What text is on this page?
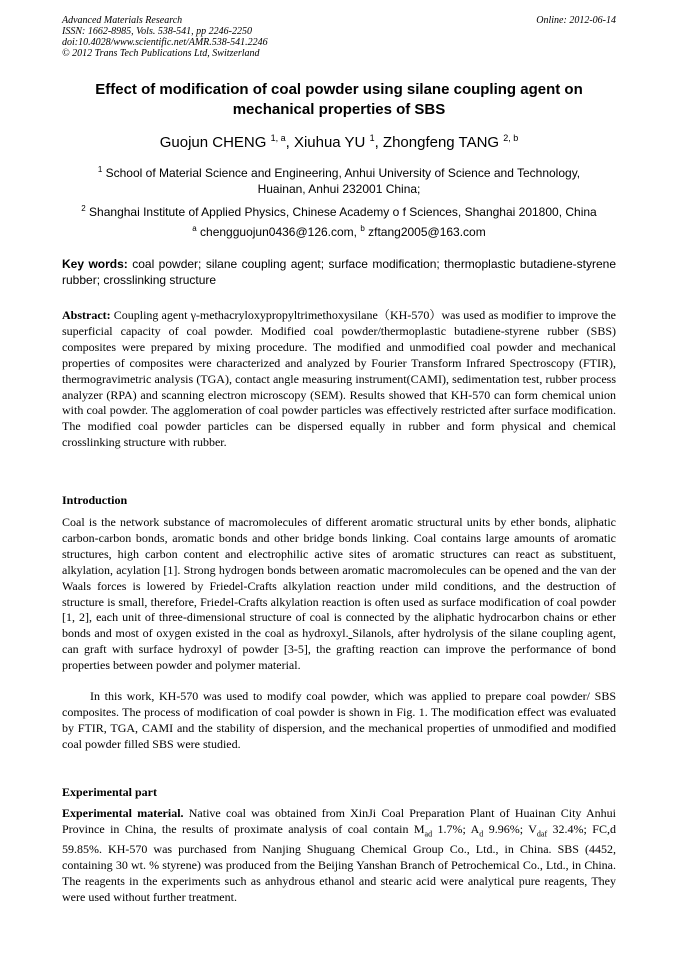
Advanced Materials Research
ISSN: 1662-8985, Vols. 538-541, pp 2246-2250
doi:10.4028/www.scientific.net/AMR.538-541.2246
© 2012 Trans Tech Publications Ltd, Switzerland
Online: 2012-06-14
Effect of modification of coal powder using silane coupling agent on
mechanical properties of SBS
Guojun CHENG $^{1, a}$, Xiuhua YU $^1$, Zhongfeng TANG $^{2, b}$
$^1$ School of Material Science and Engineering, Anhui University of Science and Technology,
Huainan, Anhui 232001 China;
$^2$ Shanghai Institute of Applied Physics, Chinese Academy o f Sciences, Shanghai 201800, China
$^a$ chengguojun0436@126.com, $^b$ zftang2005@163.com
Key words: coal powder; silane coupling agent; surface modification; thermoplastic butadiene-styrene rubber; crosslinking structure
Abstract: Coupling agent γ-methacryloxypropyltrimethoxysilane（KH-570）was used as modifier to improve the superficial capacity of coal powder. Modified coal powder/thermoplastic butadiene-styrene rubber (SBS) composites were prepared by mixing procedure. The modified and unmodified coal powder and mechanical properties of composites were characterized and analyzed by Fourier Transform Infrared Spectroscopy (FTIR), thermogravimetric analysis (TGA), contact angle measuring instrument(CAMI), sedimentation test, rubber process analyzer (RPA) and scanning electron microscopy (SEM). Results showed that KH-570 can form chemical union with coal powder. The agglomeration of coal powder particles was effectively restricted after surface modification. The modified coal powder particles can be dispersed equally in rubber and form physical and chemical crosslinking structure with rubber.
Introduction
Coal is the network substance of macromolecules of different aromatic structural units by ether bonds, aliphatic carbon-carbon bonds, aromatic bonds and other bridge bonds linking. Coal contains large amounts of aromatic structures, high carbon content and electrophilic active sites of aromatic structures can react as substituent, alkylation, acylation [1]. Strong hydrogen bonds between aromatic macromolecules can be opened and the van der Waals forces is lowered by Friedel-Crafts alkylation reaction under mild conditions, and the destruction of structure is small, therefore, Friedel-Crafts alkylation reaction is often used as surface modification of coal powder [1, 2], each unit of three-dimensional structure of coal is connected by the aliphatic hydrocarbon chains or ether bonds and most of oxygen existed in the coal as hydroxyl. Silanols, after hydrolysis of the silane coupling agent, can graft with surface hydroxyl of powder [3-5], the grafting reaction can improve the performance of bond properties between powder and polymer material.
In this work, KH-570 was used to modify coal powder, which was applied to prepare coal powder/ SBS composites. The process of modification of coal powder is shown in Fig. 1. The modification effect was evaluated by FTIR, TGA, CAMI and the stability of dispersion, and the mechanical properties of unmodified and modified coal powder filled SBS were studied.
Experimental part
Experimental material. Native coal was obtained from XinJi Coal Preparation Plant of Huainan City Anhui Province in China, the results of proximate analysis of coal contain $M_{ad}$ 1.7%; $A_d$ 9.96%; $V_{daf}$ 32.4%; FC,d 59.85%. KH-570 was purchased from Nanjing Shuguang Chemical Group Co., Ltd., in China. SBS (4452, containing 30 wt. % styrene) was produced from the Beijing Yanshan Branch of Petrochemical Co., Ltd., in China. The reagents in the experiments such as anhydrous ethanol and stearic acid were analytical pure reagents, They were used without further treatment.
